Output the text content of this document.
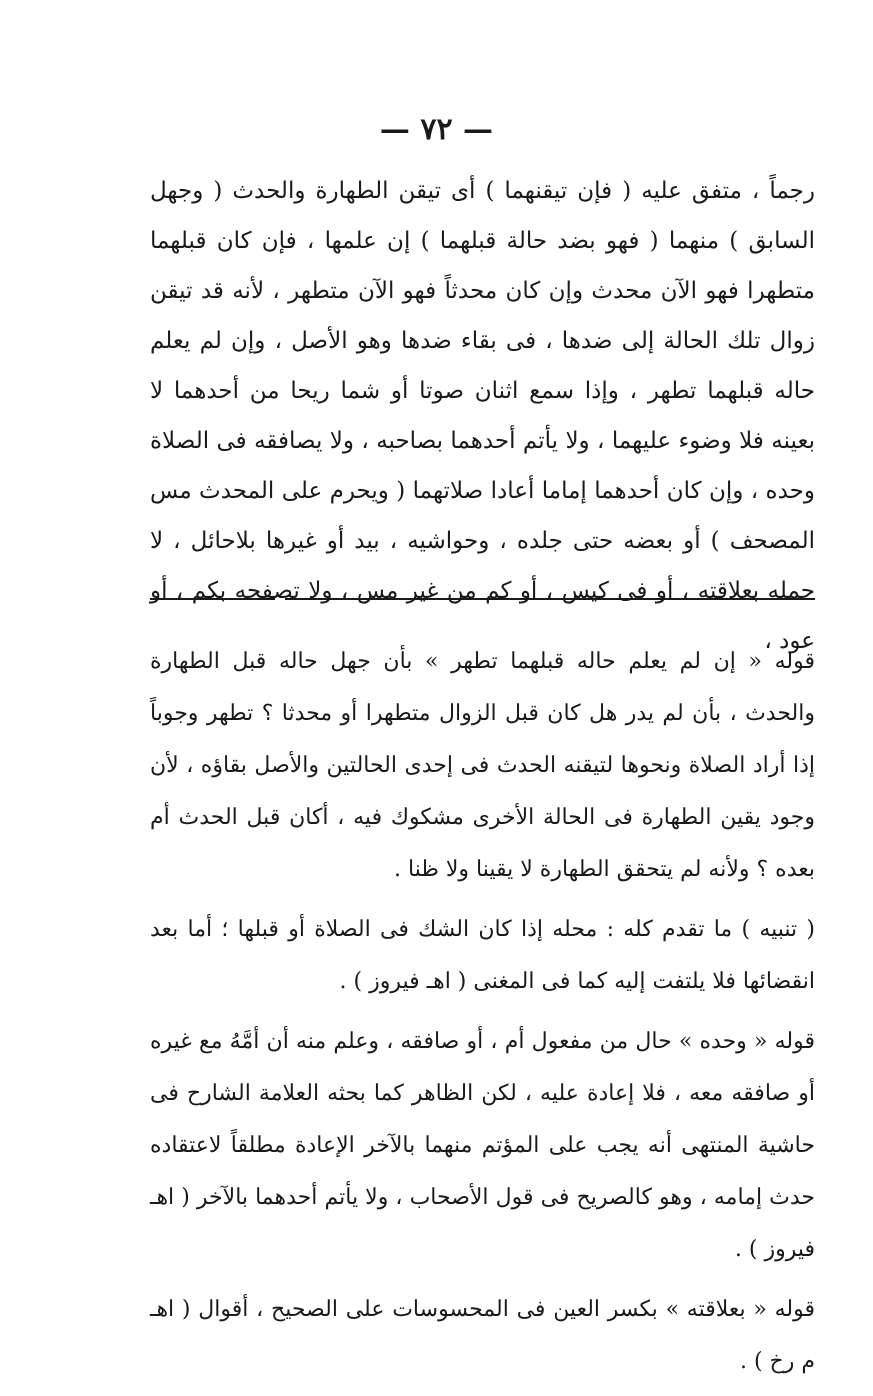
— ٧٢ —

رجماً ، متفق عليه ( فإن تيقنهما ) أى تيقن الطهارة والحدث ( وجهل السابق ) منهما ( فهو بضد حالة قبلهما ) إن علمها ، فإن كان قبلهما متطهرا فهو الآن محدث وإن كان محدثاً فهو الآن متطهر ، لأنه قد تيقن زوال تلك الحالة إلى ضدها ، فى بقاء ضدها وهو الأصل ، وإن لم يعلم حاله قبلهما تطهر ، وإذا سمع اثنان صوتا أو شما ريحا من أحدهما لا بعينه فلا وضوء عليهما ، ولا يأتم أحدهما بصاحبه ، ولا يصافقه فى الصلاة وحده ، وإن كان أحدهما إماما أعادا صلاتهما ( ويحرم على المحدث مس المصحف ) أو بعضه حتى جلده ، وحواشيه ، بيد أو غيرها بلاحائل ، لا حمله بعلاقته ، أو فى كيس ، أو كم من غير مس ، ولا تصفحه بكم ، أو عود ،

قوله « إن لم يعلم حاله قبلهما تطهر » بأن جهل حاله قبل الطهارة والحدث ، بأن لم يدر هل كان قبل الزوال متطهرا أو محدثا ؟ تطهر وجوباً إذا أراد الصلاة ونحوها لتيقنه الحدث فى إحدى الحالتين والأصل بقاؤه ، لأن وجود يقين الطهارة فى الحالة الأخرى مشكوك فيه ، أكان قبل الحدث أم بعده ؟ ولأنه لم يتحقق الطهارة لا يقينا ولا ظنا .

( تنبيه ) ما تقدم كله : محله إذا كان الشك فى الصلاة أو قبلها ؛ أما بعد انقضائها فلا يلتفت إليه كما فى المغنى ( اهـ فيروز ) .

قوله « وحده » حال من مفعول أم ، أو صافقه ، وعلم منه أن أمَّهُ مع غيره أو صافقه معه ، فلا إعادة عليه ، لكن الظاهر كما بحثه العلامة الشارح فى حاشية المنتهى أنه يجب على المؤتم منهما بالآخر الإعادة مطلقاً لاعتقاده حدث إمامه ، وهو كالصريح فى قول الأصحاب ، ولا يأتم أحدهما بالآخر ( اهـ فيروز ) .

قوله « بعلاقته » بكسر العين فى المحسوسات على الصحيح ، أقوال ( اهـ م رخ ) .
